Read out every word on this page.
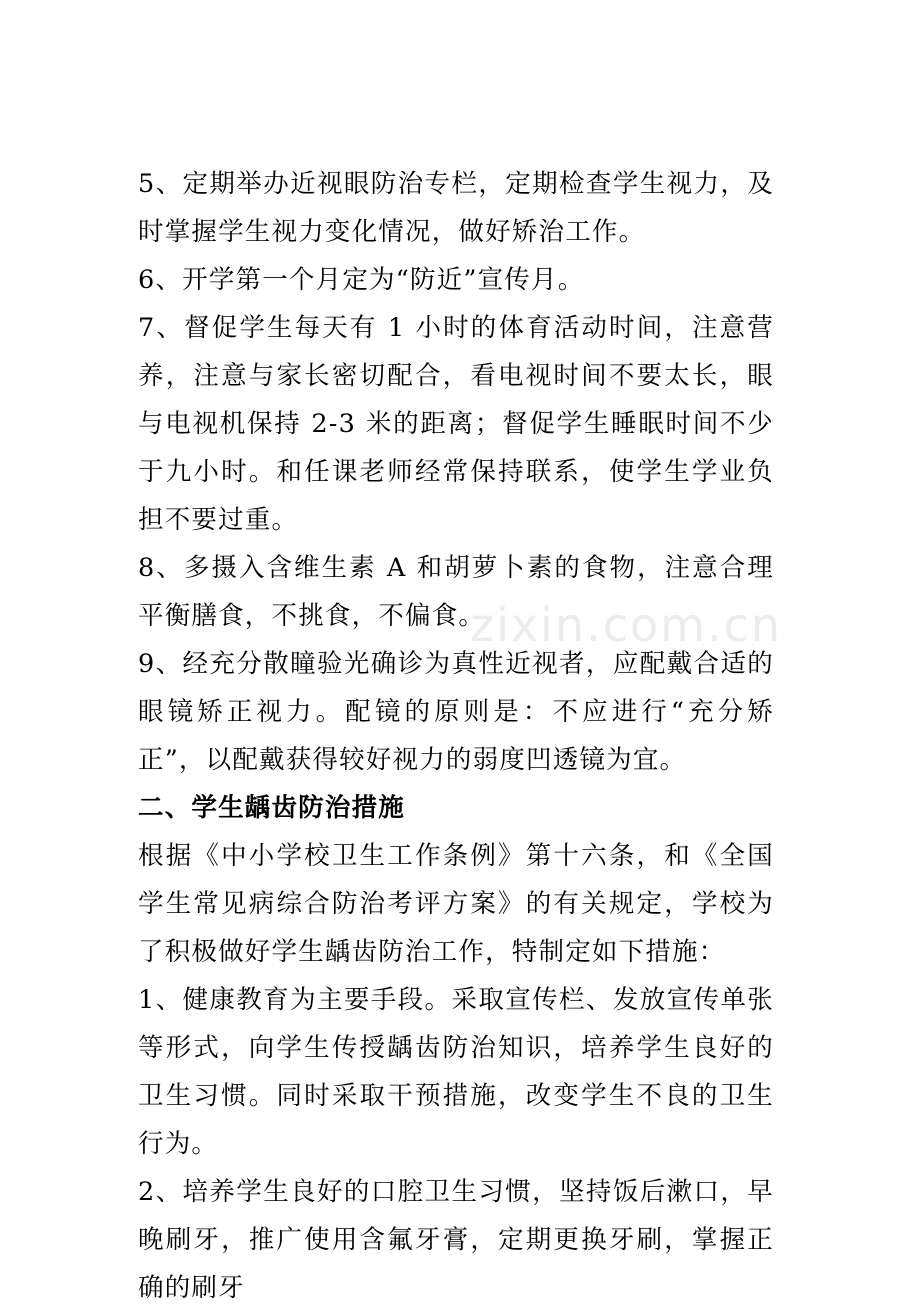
5、定期举办近视眼防治专栏，定期检查学生视力，及时掌握学生视力变化情况，做好矫治工作。

6、开学第一个月定为“防近”宣传月。

7、督促学生每天有 1 小时的体育活动时间，注意营养，注意与家长密切配合，看电视时间不要太长，眼与电视机保持 2-3 米的距离；督促学生睡眠时间不少于九小时。和任课老师经常保持联系，使学生学业负担不要过重。

8、多摄入含维生素 A 和胡萝卜素的食物，注意合理平衡膳食，不挑食，不偏食。

9、经充分散瞳验光确诊为真性近视者，应配戴合适的眼镜矫正视力。配镜的原则是：不应进行“充分矫正”，以配戴获得较好视力的弱度凹透镜为宜。

二、学生龋齿防治措施

根据《中小学校卫生工作条例》第十六条，和《全国学生常见病综合防治考评方案》的有关规定，学校为了积极做好学生龋齿防治工作，特制定如下措施：

1、健康教育为主要手段。采取宣传栏、发放宣传单张等形式，向学生传授龋齿防治知识，培养学生良好的卫生习惯。同时采取干预措施，改变学生不良的卫生行为。

2、培养学生良好的口腔卫生习惯，坚持饭后漱口，早晚刷牙，推广使用含氟牙膏，定期更换牙刷，掌握正确的刷牙

zixin.com.cn
